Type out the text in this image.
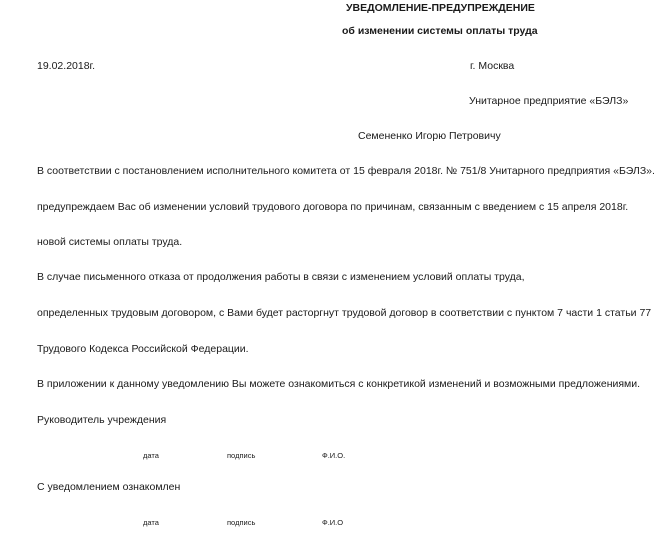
УВЕДОМЛЕНИЕ-ПРЕДУПРЕЖДЕНИЕ
об изменении системы оплаты труда
19.02.2018г.	г. Москва
Унитарное предприятие «БЭЛЗ»
Семененко Игорю Петровичу
В соответствии с постановлением исполнительного комитета от 15 февраля 2018г. № 751/8 Унитарного предприятия «БЭЛЗ».
предупреждаем Вас об изменении условий трудового договора по причинам, связанным с введением с 15 апреля 2018г.
новой системы оплаты труда.
В случае письменного отказа от продолжения работы в связи с изменением условий оплаты труда,
определенных трудовым договором, с Вами будет расторгнут трудовой договор в соответствии с пунктом 7 части 1 статьи 77
Трудового Кодекса Российской Федерации.
В приложении к данному уведомлению Вы можете ознакомиться с конкретикой изменений и возможными предложениями.
Руководитель учреждения
дата	подпись	Ф.И.О.
С уведомлением ознакомлен
дата	подпись	Ф.И.О
